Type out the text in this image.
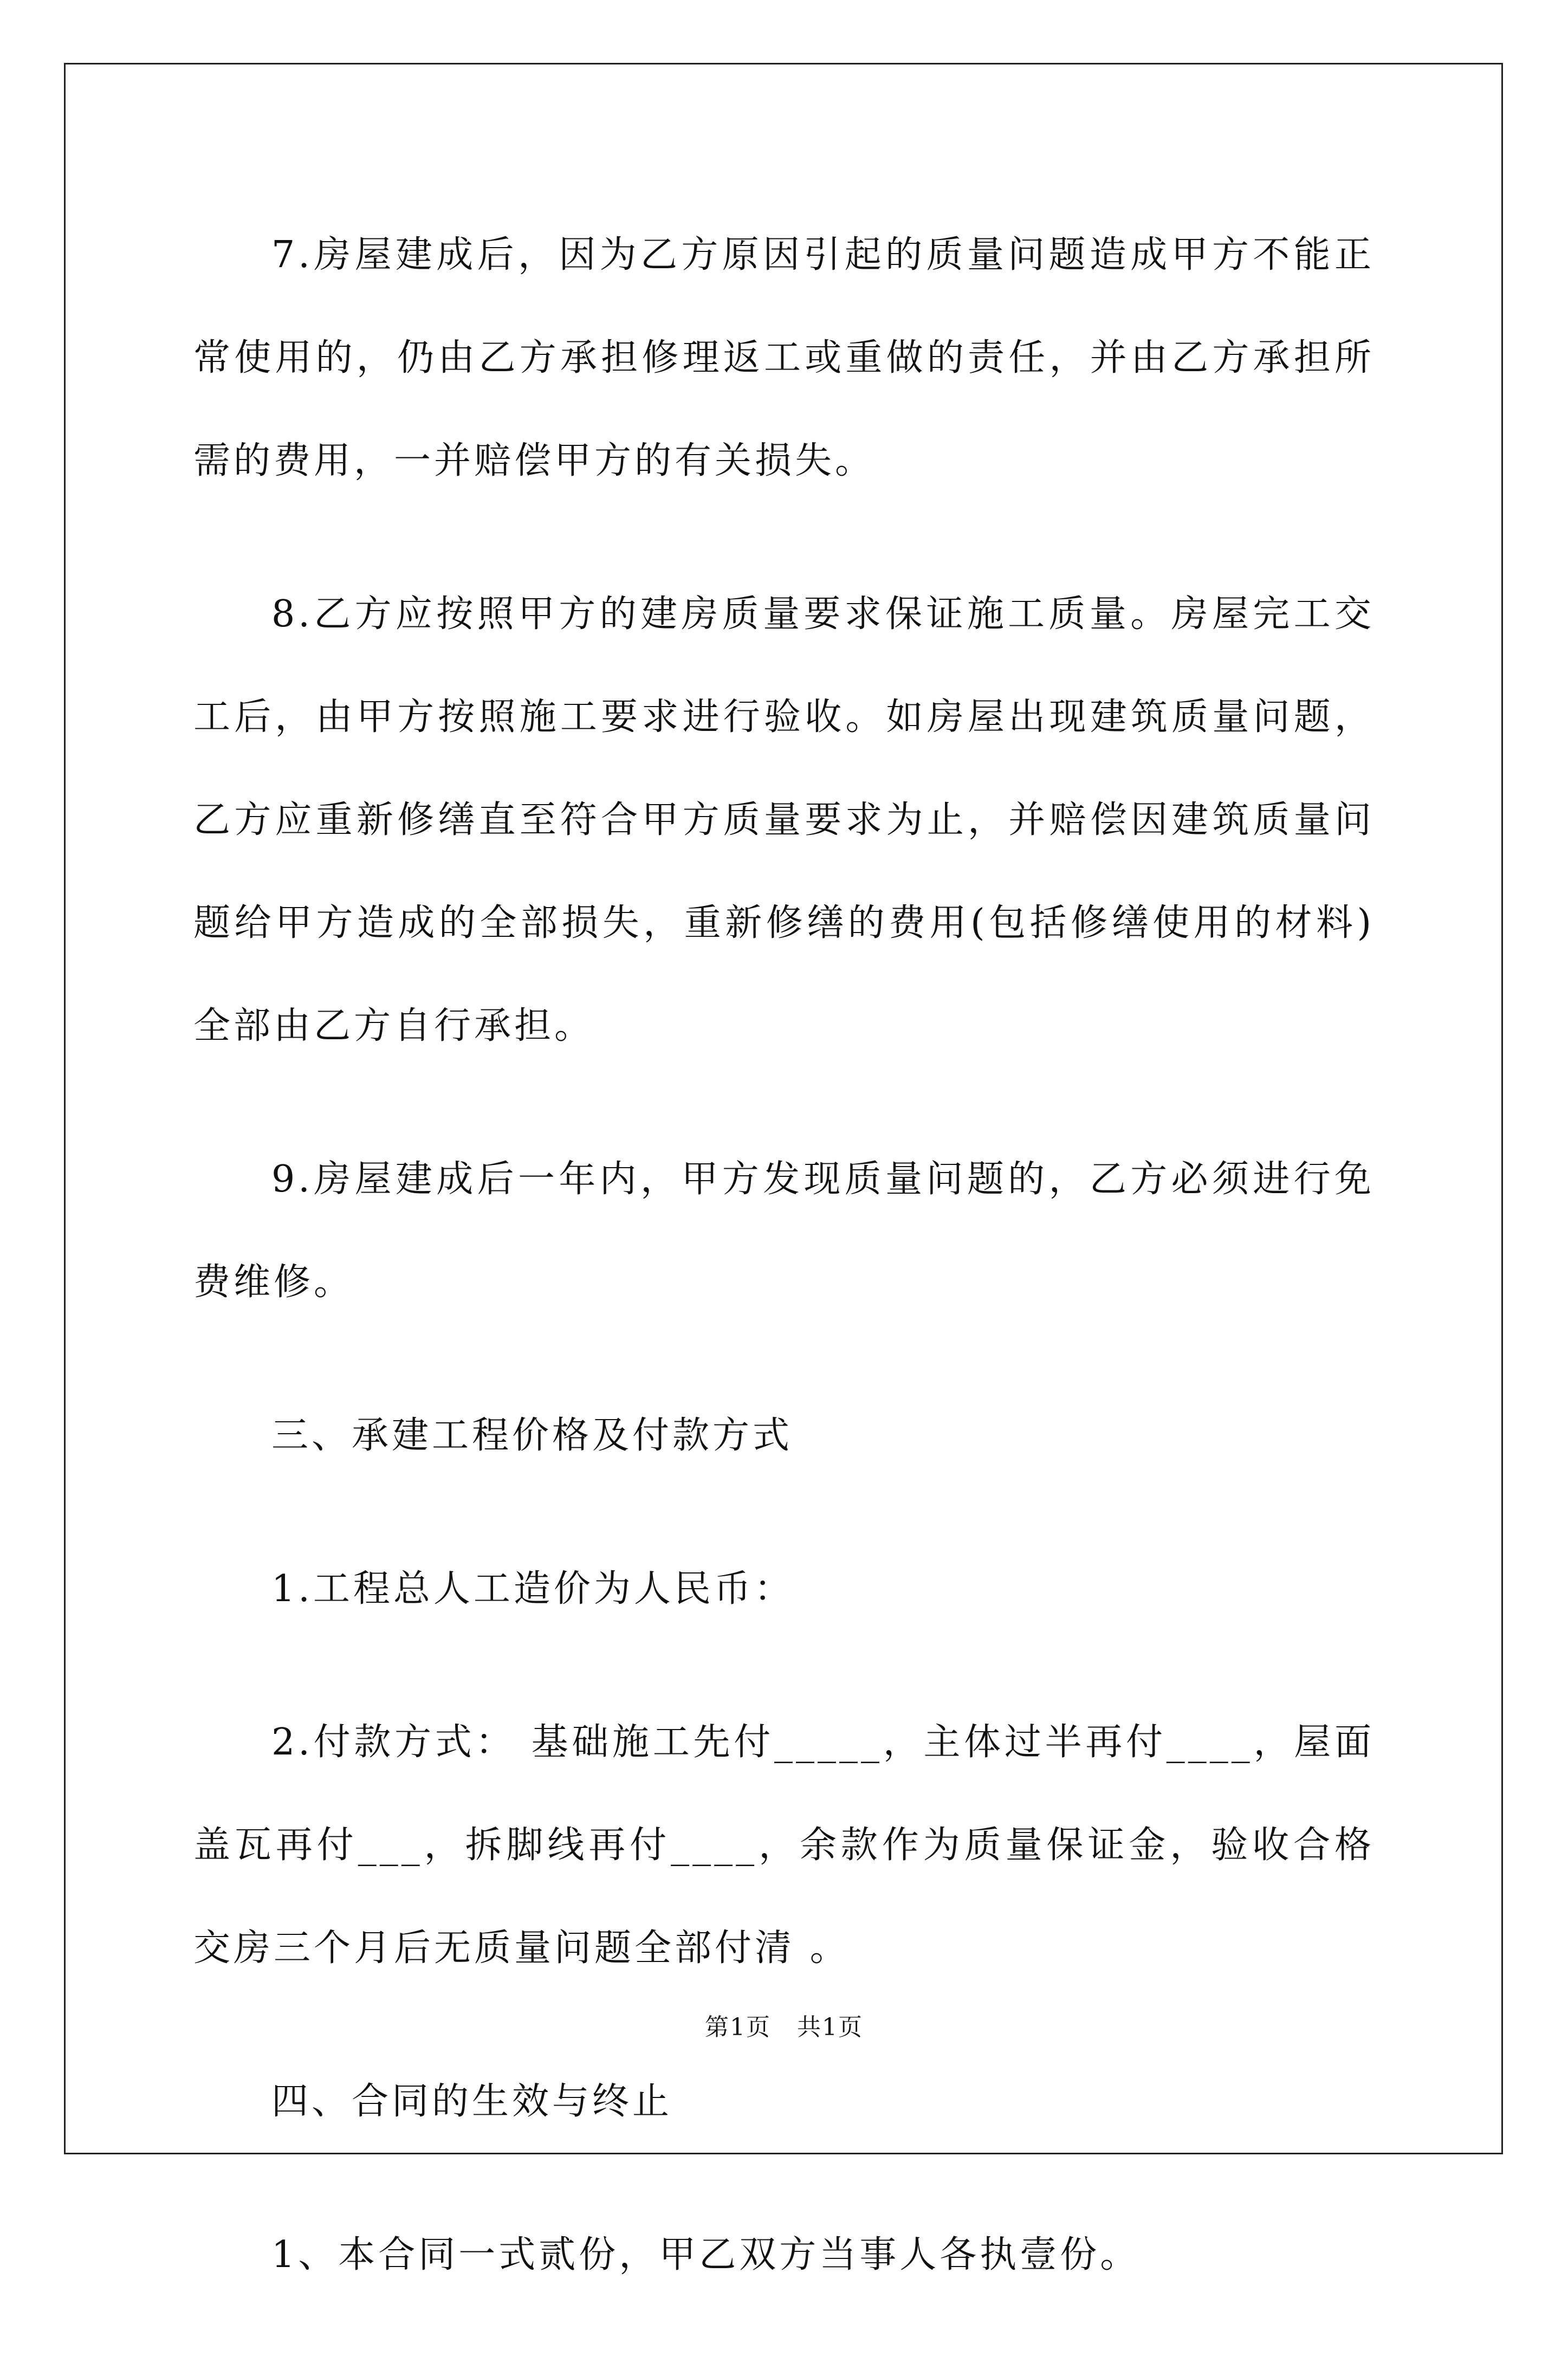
7.房屋建成后，因为乙方原因引起的质量问题造成甲方不能正常使用的，仍由乙方承担修理返工或重做的责任，并由乙方承担所需的费用，一并赔偿甲方的有关损失。

8.乙方应按照甲方的建房质量要求保证施工质量。房屋完工交工后，由甲方按照施工要求进行验收。如房屋出现建筑质量问题，乙方应重新修缮直至符合甲方质量要求为止，并赔偿因建筑质量问题给甲方造成的全部损失，重新修缮的费用(包括修缮使用的材料)全部由乙方自行承担。

9.房屋建成后一年内，甲方发现质量问题的，乙方必须进行免费维修。

三、承建工程价格及付款方式

1.工程总人工造价为人民币：

2.付款方式： 基础施工先付_____，主体过半再付____，屋面盖瓦再付___，拆脚线再付____，余款作为质量保证金，验收合格交房三个月后无质量问题全部付清 。

四、合同的生效与终止

1、本合同一式贰份，甲乙双方当事人各执壹份。

第1页   共1页
